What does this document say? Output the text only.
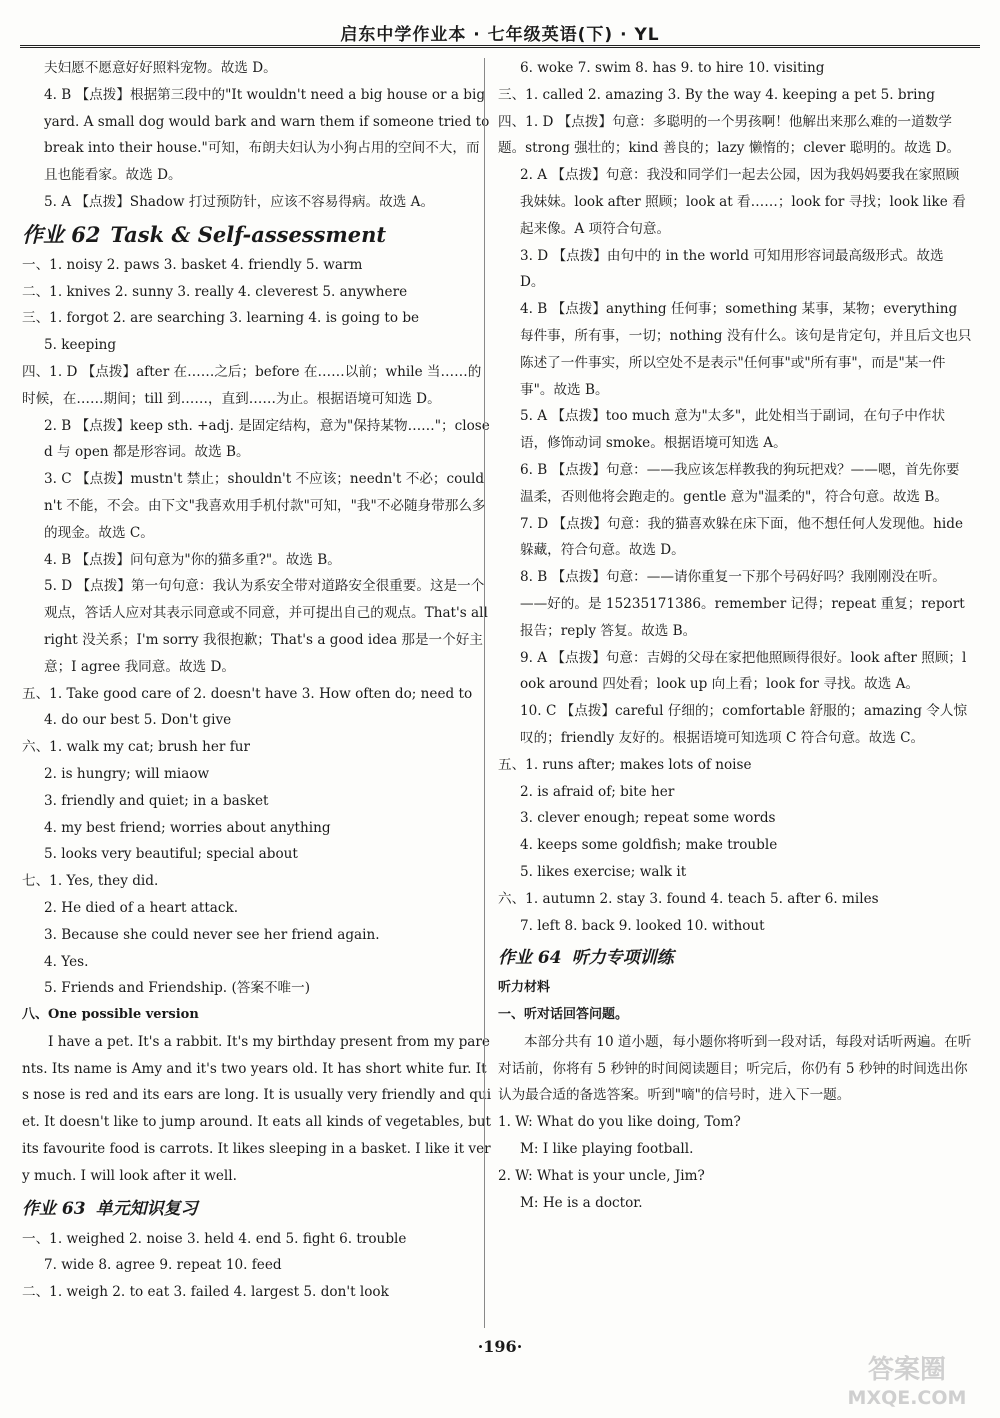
启东中学作业本 · 七年级英语(下) · YL

夫妇愿不愿意好好照料宠物。故选 D。

4. B 【点拨】根据第三段中的"It wouldn't need a big house or a big yard. A small dog would bark and warn them if someone tried to break into their house."可知，布朗夫妇认为小狗占用的空间不大，而且也能看家。故选 D。

5. A 【点拨】Shadow 打过预防针，应该不容易得病。故选 A。

作业 62 Task & Self-assessment

一、1. noisy 2. paws 3. basket 4. friendly 5. warm

二、1. knives 2. sunny 3. really 4. cleverest 5. anywhere

三、1. forgot 2. are searching 3. learning 4. is going to be

5. keeping

四、1. D 【点拨】after 在……之后；before 在……以前；while 当……的时候，在……期间；till 到……，直到……为止。根据语境可知选 D。

2. B 【点拨】keep sth. +adj. 是固定结构，意为"保持某物……"；closed 与 open 都是形容词。故选 B。

3. C 【点拨】mustn't 禁止；shouldn't 不应该；needn't 不必；couldn't 不能，不会。由下文"我喜欢用手机付款"可知，"我"不必随身带那么多的现金。故选 C。

4. B 【点拨】问句意为"你的猫多重?"。故选 B。

5. D 【点拨】第一句句意：我认为系安全带对道路安全很重要。这是一个观点，答话人应对其表示同意或不同意，并可提出自己的观点。That's all right 没关系；I'm sorry 我很抱歉；That's a good idea 那是一个好主意；I agree 我同意。故选 D。

五、1. Take good care of 2. doesn't have 3. How often do; need to

4. do our best 5. Don't give

六、1. walk my cat; brush her fur

2. is hungry; will miaow

3. friendly and quiet; in a basket

4. my best friend; worries about anything

5. looks very beautiful; special about

七、1. Yes, they did.

2. He died of a heart attack.

3. Because she could never see her friend again.

4. Yes.

5. Friends and Friendship. (答案不唯一)

八、One possible version

I have a pet. It's a rabbit. It's my birthday present from my parents. Its name is Amy and it's two years old. It has short white fur. Its nose is red and its ears are long. It is usually very friendly and quiet. It doesn't like to jump around. It eats all kinds of vegetables, but its favourite food is carrots. It likes sleeping in a basket. I like it very much. I will look after it well.

作业 63 单元知识复习

一、1. weighed 2. noise 3. held 4. end 5. fight 6. trouble

7. wide 8. agree 9. repeat 10. feed

二、1. weigh 2. to eat 3. failed 4. largest 5. don't look

6. woke 7. swim 8. has 9. to hire 10. visiting

三、1. called 2. amazing 3. By the way 4. keeping a pet 5. bring

四、1. D 【点拨】句意：多聪明的一个男孩啊！他解出来那么难的一道数学题。strong 强壮的；kind 善良的；lazy 懒惰的；clever 聪明的。故选 D。

2. A 【点拨】句意：我没和同学们一起去公园，因为我妈妈要我在家照顾我妹妹。look after 照顾；look at 看……；look for 寻找；look like 看起来像。A 项符合句意。

3. D 【点拨】由句中的 in the world 可知用形容词最高级形式。故选 D。

4. B 【点拨】anything 任何事；something 某事，某物；everything 每件事，所有事，一切；nothing 没有什么。该句是肯定句，并且后文也只陈述了一件事实，所以空处不是表示"任何事"或"所有事"，而是"某一件事"。故选 B。

5. A 【点拨】too much 意为"太多"，此处相当于副词，在句子中作状语，修饰动词 smoke。根据语境可知选 A。

6. B 【点拨】句意：——我应该怎样教我的狗玩把戏？——嗯，首先你要温柔，否则他将会跑走的。gentle 意为"温柔的"，符合句意。故选 B。

7. D 【点拨】句意：我的猫喜欢躲在床下面，他不想任何人发现他。hide 躲藏，符合句意。故选 D。

8. B 【点拨】句意：——请你重复一下那个号码好吗？我刚刚没在听。——好的。是 15235171386。remember 记得；repeat 重复；report 报告；reply 答复。故选 B。

9. A 【点拨】句意：吉姆的父母在家把他照顾得很好。look after 照顾；look around 四处看；look up 向上看；look for 寻找。故选 A。

10. C 【点拨】careful 仔细的；comfortable 舒服的；amazing 令人惊叹的；friendly 友好的。根据语境可知选项 C 符合句意。故选 C。

五、1. runs after; makes lots of noise

2. is afraid of; bite her

3. clever enough; repeat some words

4. keeps some goldfish; make trouble

5. likes exercise; walk it

六、1. autumn 2. stay 3. found 4. teach 5. after 6. miles

7. left 8. back 9. looked 10. without

作业 64 听力专项训练

听力材料

一、听对话回答问题。

本部分共有 10 道小题，每小题你将听到一段对话，每段对话听两遍。在听对话前，你将有 5 秒钟的时间阅读题目；听完后，你仍有 5 秒钟的时间选出你认为最合适的备选答案。听到"嘀"的信号时，进入下一题。

1. W: What do you like doing, Tom?

M: I like playing football.

2. W: What is your uncle, Jim?

M: He is a doctor.

·196·
答案圈
MXQE.COM
